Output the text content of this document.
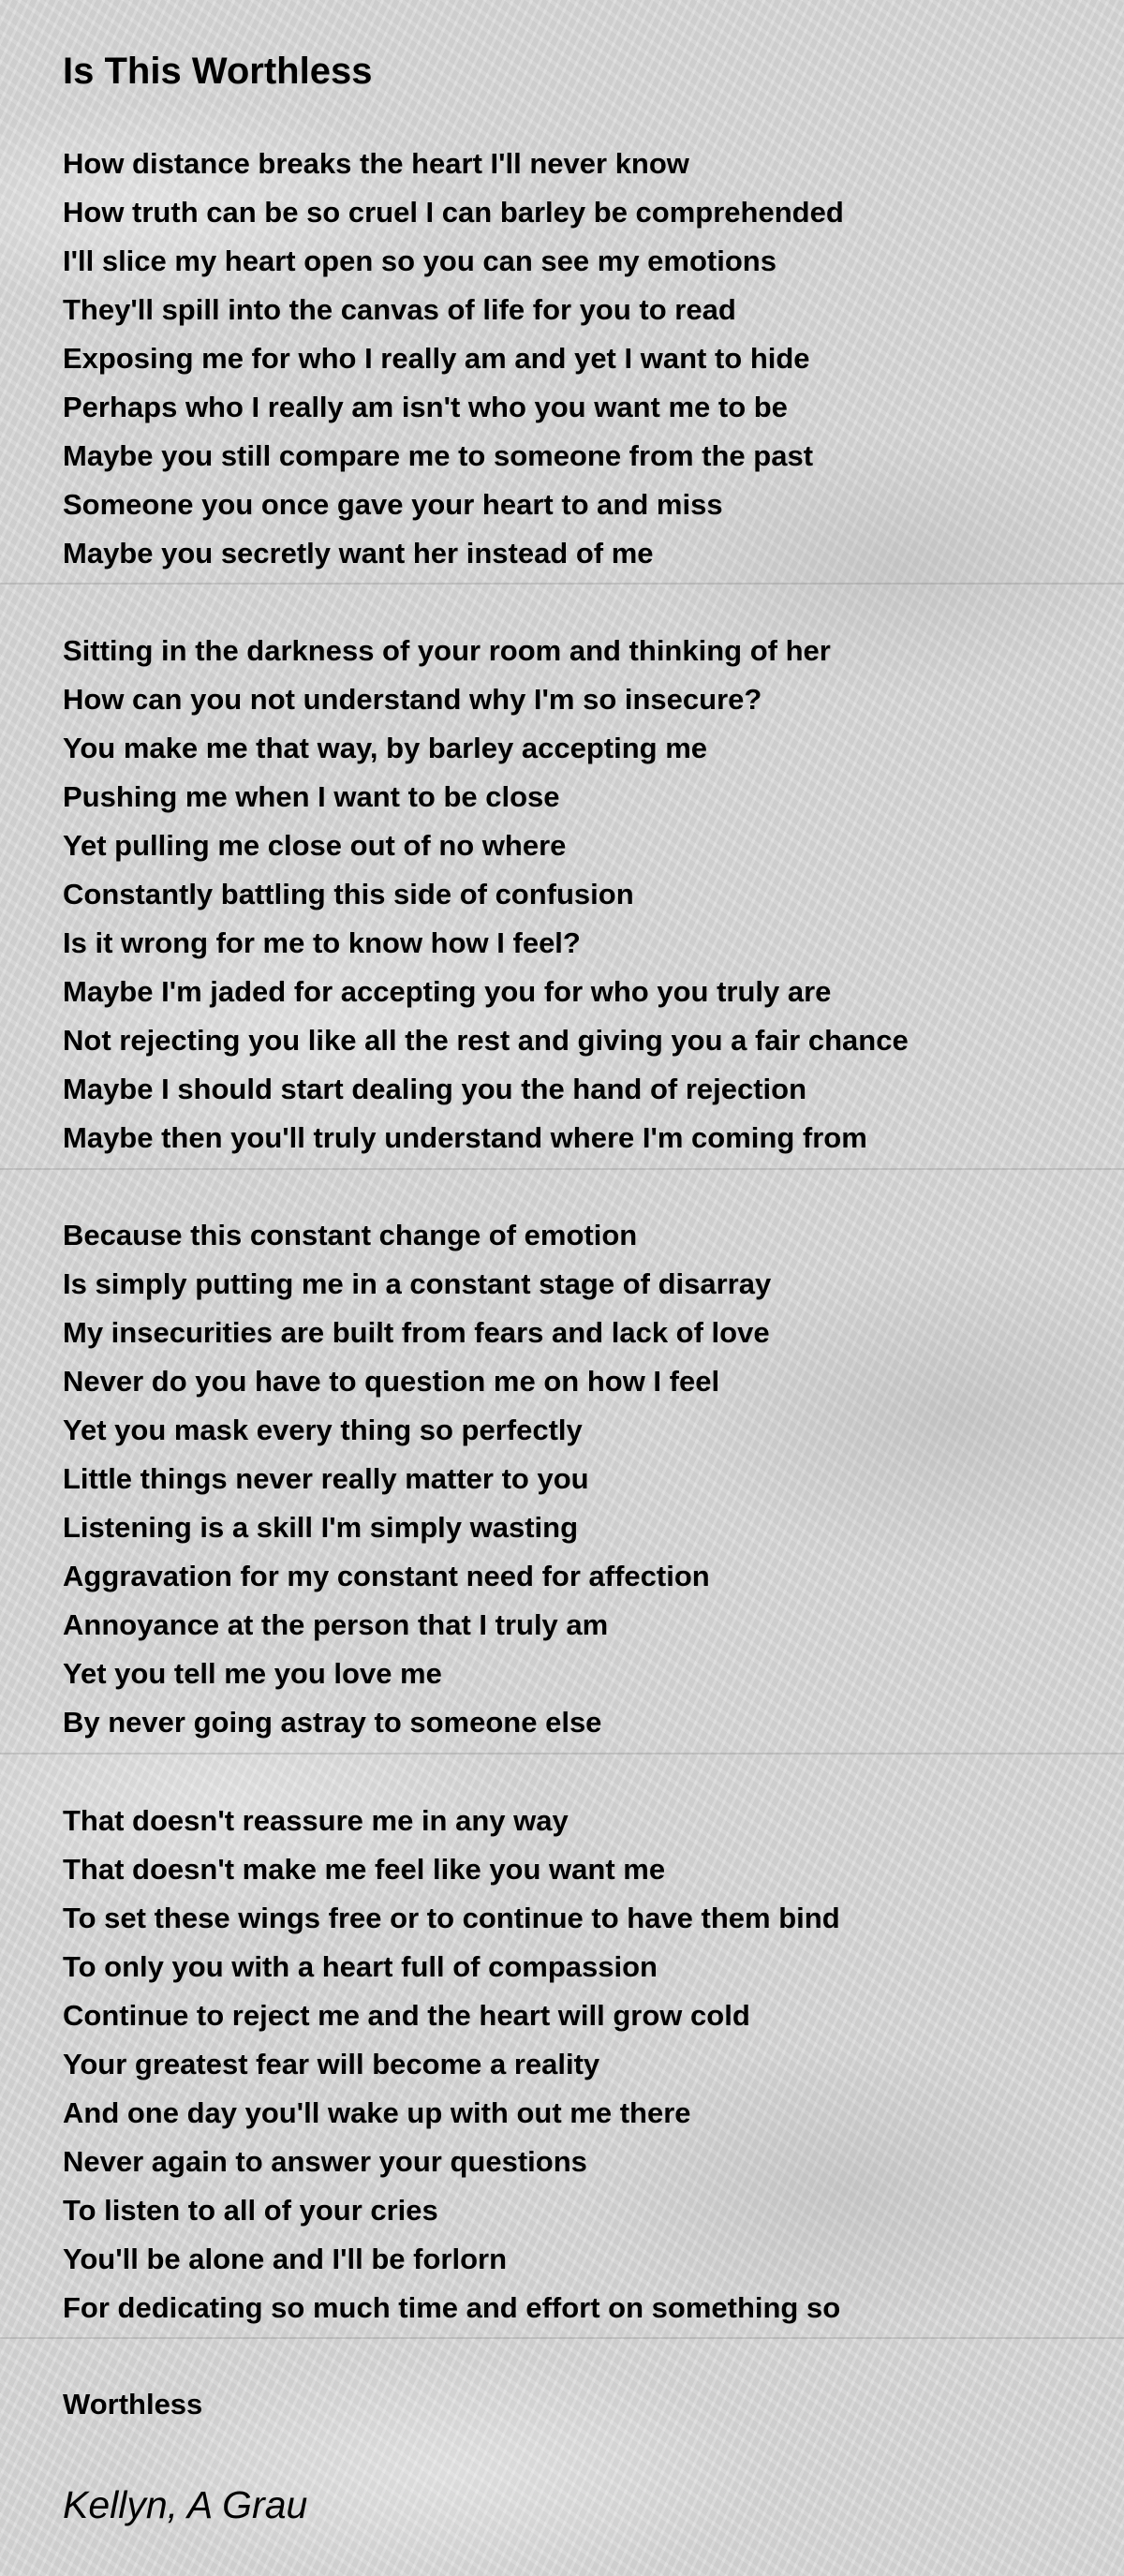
Is This Worthless
How distance breaks the heart I'll never know
How truth can be so cruel I can barley be comprehended
I'll slice my heart open so you can see my emotions
They'll spill into the canvas of life for you to read
Exposing me for who I really am and yet I want to hide
Perhaps who I really am isn't who you want me to be
Maybe you still compare me to someone from the past
Someone you once gave your heart to and miss
Maybe you secretly want her instead of me
Sitting in the darkness of your room and thinking of her
How can you not understand why I'm so insecure?
You make me that way, by barley accepting me
Pushing me when I want to be close
Yet pulling me close out of no where
Constantly battling this side of confusion
Is it wrong for me to know how I feel?
Maybe I'm jaded for accepting you for who you truly are
Not rejecting you like all the rest and giving you a fair chance
Maybe I should start dealing you the hand of rejection
Maybe then you'll truly understand where I'm coming from
Because this constant change of emotion
Is simply putting me in a constant stage of disarray
My insecurities are built from fears and lack of love
Never do you have to question me on how I feel
Yet you mask every thing so perfectly
Little things never really matter to you
Listening is a skill I'm simply wasting
Aggravation for my constant need for affection
Annoyance at the person that I truly am
Yet you tell me you love me
By never going astray to someone else
That doesn't reassure me in any way
That doesn't make me feel like you want me
To set these wings free or to continue to have them bind
To only you with a heart full of compassion
Continue to reject me and the heart will grow cold
Your greatest fear will become a reality
And one day you'll wake up with out me there
Never again to answer your questions
To listen to all of your cries
You'll be alone and I'll be forlorn
For dedicating so much time and effort on something so
Worthless
Kellyn, A Grau
